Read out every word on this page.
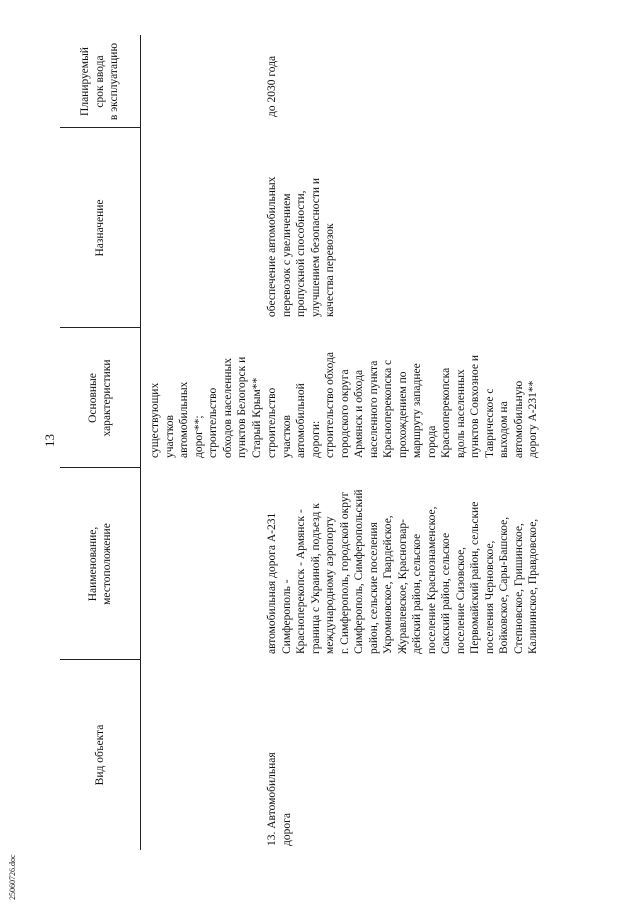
13
Вид объекта
Наименование,
местоположение
Основные
характеристики
Назначение
Планируемый
срок ввода
в эксплуатацию
существующих
участков
автомобильных
дорог**;
строительство
обходов населенных
пунктов Белогорск и
Старый Крым**
13. Автомобильная
дорога
автомобильная дорога А-231
Симферополь -
Красноперекопск - Армянск -
граница с Украиной, подъезд к
международному аэропорту
г. Симферополь, городской округ
Симферополь, Симферопольский
район, сельские поселения
Укромновское, Гвардейское,
Журавлевское, Красногвар-
дейский район, сельское
поселение Краснознаменское,
Сакский район, сельское
поселение Сизовское,
Первомайский район, сельские
поселения Черновское,
Войковское, Сары-Башское,
Степновское, Гришинское,
Калининское, Правдовское,
строительство
участков
автомобильной
дороги:
строительство обхода
городского округа
Армянск и обхода
населенного пункта
Красноперекопска с
прохождением по
маршруту западнее
города
Красноперекопска
вдоль населенных
пунктов Совхозное и
Таврическое с
выходом на
автомобильную
дорогу А-231**
обеспечение автомобильных
перевозок с увеличением
пропускной способности,
улучшением безопасности и
качества перевозок
до 2030 года
25060726.doc
